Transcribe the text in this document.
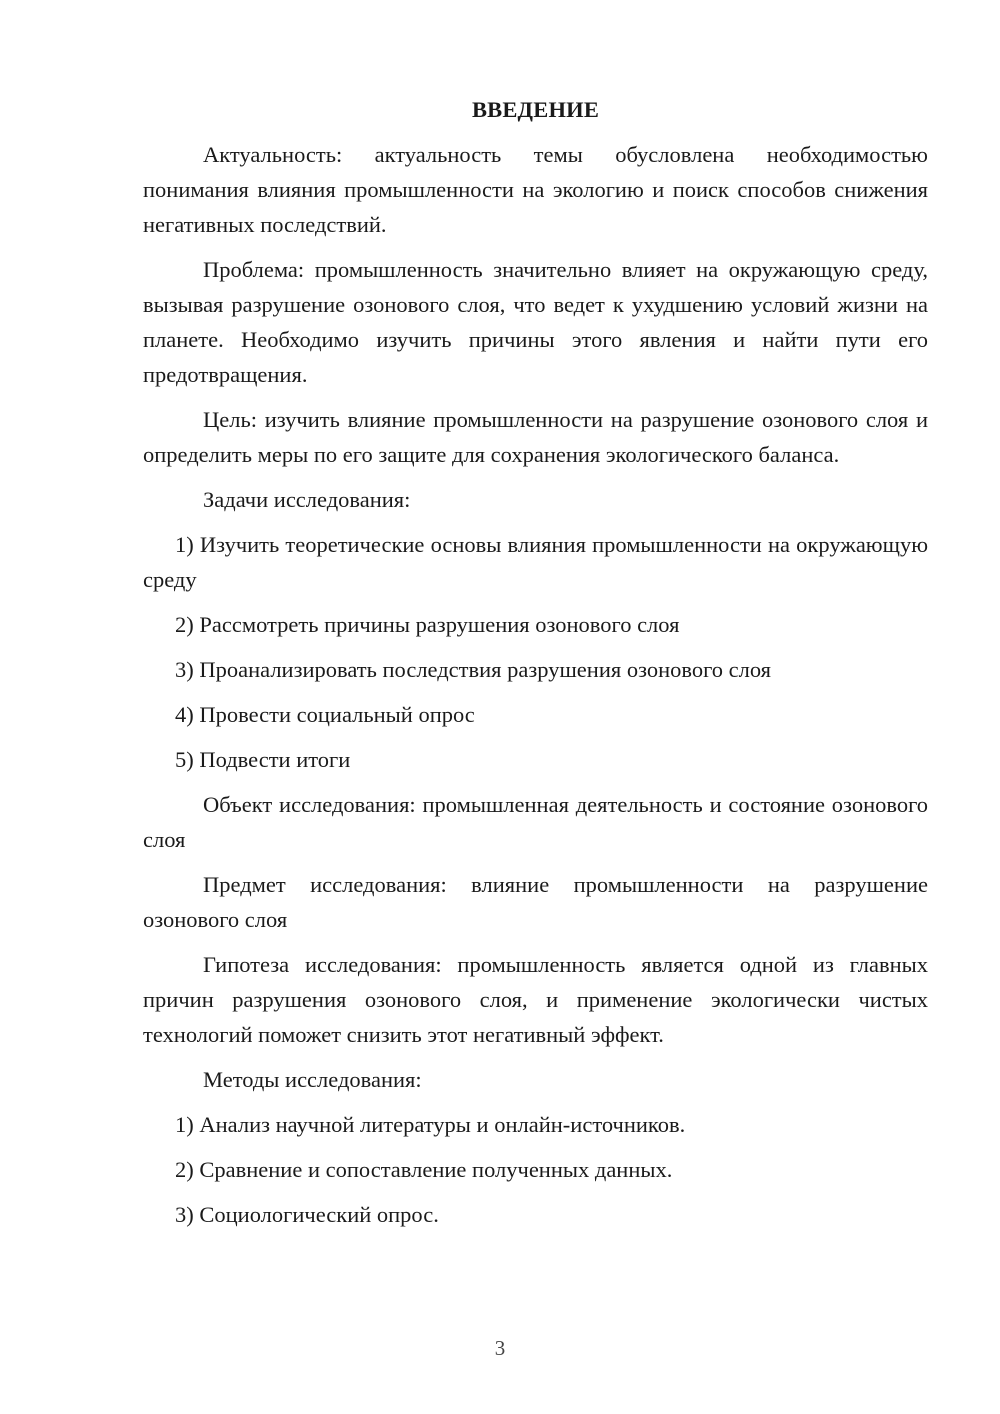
ВВЕДЕНИЕ

Актуальность: актуальность темы обусловлена необходимостью понимания влияния промышленности на экологию и поиск способов снижения негативных последствий.

Проблема: промышленность значительно влияет на окружающую среду, вызывая разрушение озонового слоя, что ведет к ухудшению условий жизни на планете. Необходимо изучить причины этого явления и найти пути его предотвращения.

Цель: изучить влияние промышленности на разрушение озонового слоя и определить меры по его защите для сохранения экологического баланса.

Задачи исследования:

1) Изучить теоретические основы влияния промышленности на окружающую среду

2) Рассмотреть причины разрушения озонового слоя

3) Проанализировать последствия разрушения озонового слоя

4) Провести социальный опрос

5) Подвести итоги

Объект исследования: промышленная деятельность и состояние озонового слоя

Предмет исследования: влияние промышленности на разрушение озонового слоя

Гипотеза исследования: промышленность является одной из главных причин разрушения озонового слоя, и применение экологически чистых технологий поможет снизить этот негативный эффект.

Методы исследования:

1) Анализ научной литературы и онлайн-источников.

2) Сравнение и сопоставление полученных данных.

3) Социологический опрос.

3
